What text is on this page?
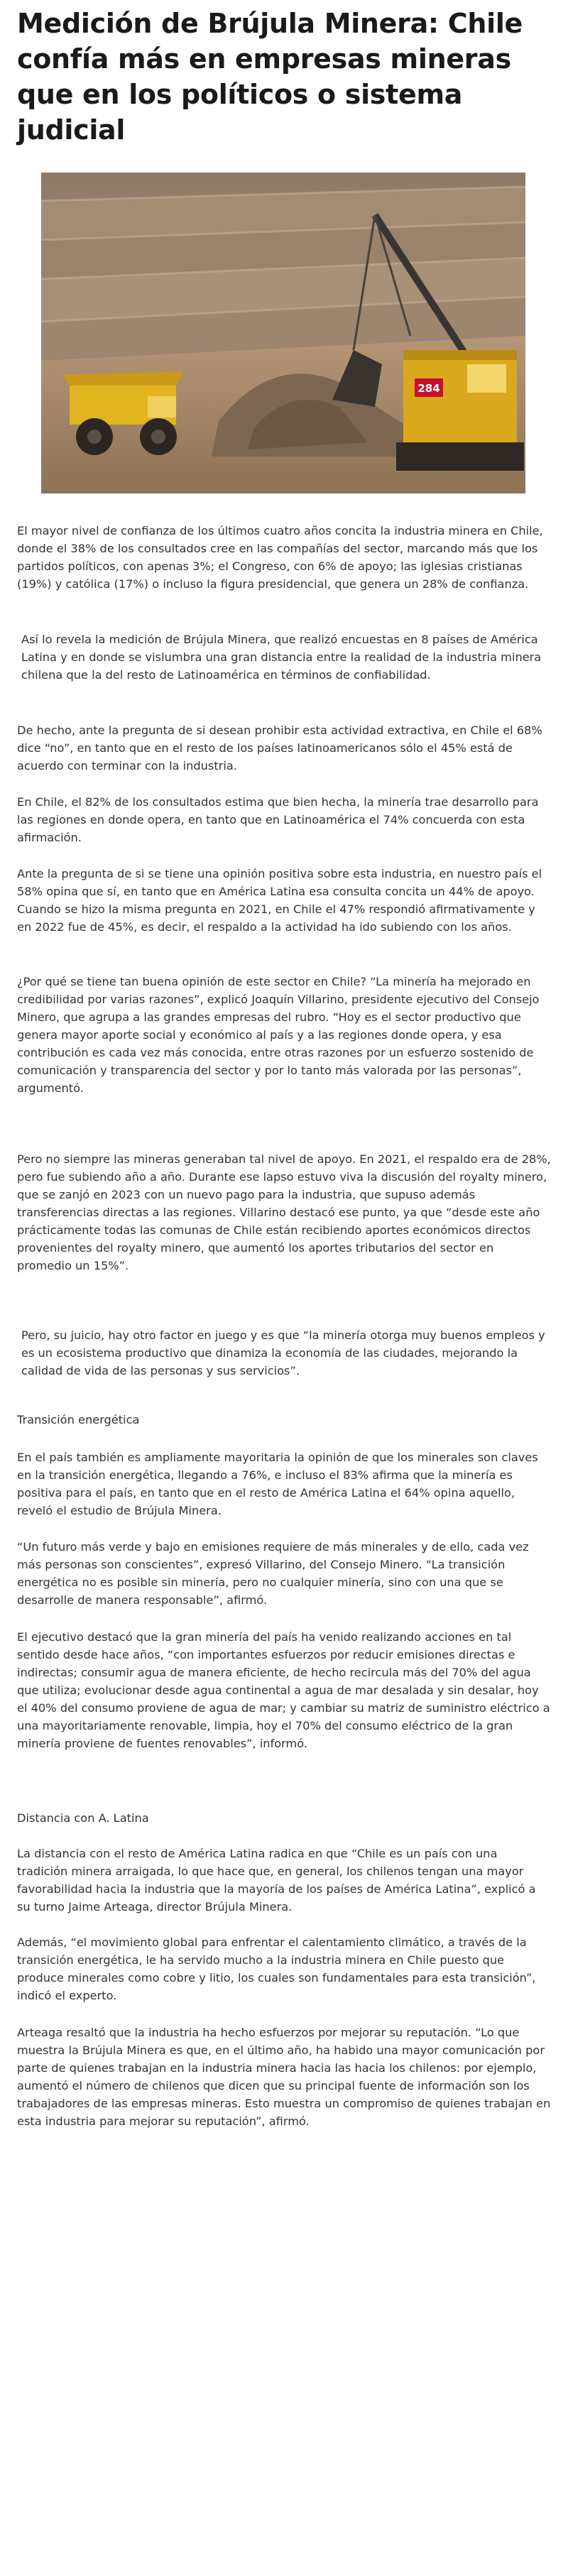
Medición de Brújula Minera: Chile confía más en empresas mineras que en los políticos o sistema judicial
284

El mayor nivel de confianza de los últimos cuatro años concita la industria minera en Chile, donde el 38% de los consultados cree en las compañías del sector, marcando más que los partidos políticos, con apenas 3%; el Congreso, con 6% de apoyo; las iglesias cristianas (19%) y católica (17%) o incluso la figura presidencial, que genera un 28% de confianza.

Así lo revela la medición de Brújula Minera, que realizó encuestas en 8 países de América Latina y en donde se vislumbra una gran distancia entre la realidad de la industria minera chilena que la del resto de Latinoamérica en términos de confiabilidad.

De hecho, ante la pregunta de si desean prohibir esta actividad extractiva, en Chile el 68% dice “no”, en tanto que en el resto de los países latinoamericanos sólo el 45% está de acuerdo con terminar con la industria.

En Chile, el 82% de los consultados estima que bien hecha, la minería trae desarrollo para las regiones en donde opera, en tanto que en Latinoamérica el 74% concuerda con esta afirmación.

Ante la pregunta de si se tiene una opinión positiva sobre esta industria, en nuestro país el 58% opina que sí, en tanto que en América Latina esa consulta concita un 44% de apoyo. Cuando se hizo la misma pregunta en 2021, en Chile el 47% respondió afirmativamente y en 2022 fue de 45%, es decir, el respaldo a la actividad ha ido subiendo con los años.

¿Por qué se tiene tan buena opinión de este sector en Chile? “La minería ha mejorado en credibilidad por varias razones”, explicó Joaquín Villarino, presidente ejecutivo del Consejo Minero, que agrupa a las grandes empresas del rubro. “Hoy es el sector productivo que genera mayor aporte social y económico al país y a las regiones donde opera, y esa contribución es cada vez más conocida, entre otras razones por un esfuerzo sostenido de comunicación y transparencia del sector y por lo tanto más valorada por las personas”, argumentó.

Pero no siempre las mineras generaban tal nivel de apoyo. En 2021, el respaldo era de 28%, pero fue subiendo año a año. Durante ese lapso estuvo viva la discusión del royalty minero, que se zanjó en 2023 con un nuevo pago para la industria, que supuso además transferencias directas a las regiones. Villarino destacó ese punto, ya que “desde este año prácticamente todas las comunas de Chile están recibiendo aportes económicos directos provenientes del royalty minero, que aumentó los aportes tributarios del sector en promedio un 15%”.

Pero, su juicio, hay otro factor en juego y es que “la minería otorga muy buenos empleos y es un ecosistema productivo que dinamiza la economía de las ciudades, mejorando la calidad de vida de las personas y sus servicios”.

Transición energética

En el país también es ampliamente mayoritaria la opinión de que los minerales son claves en la transición energética, llegando a 76%, e incluso el 83% afirma que la minería es positiva para el país, en tanto que en el resto de América Latina el 64% opina aquello, reveló el estudio de Brújula Minera.

“Un futuro más verde y bajo en emisiones requiere de más minerales y de ello, cada vez más personas son conscientes”, expresó Villarino, del Consejo Minero. “La transición energética no es posible sin minería, pero no cualquier minería, sino con una que se desarrolle de manera responsable”, afirmó.

El ejecutivo destacó que la gran minería del país ha venido realizando acciones en tal sentido desde hace años, “con importantes esfuerzos por reducir emisiones directas e indirectas; consumir agua de manera eficiente, de hecho recircula más del 70% del agua que utiliza; evolucionar desde agua continental a agua de mar desalada y sin desalar, hoy el 40% del consumo proviene de agua de mar; y cambiar su matriz de suministro eléctrico a una mayoritariamente renovable, limpia, hoy el 70% del consumo eléctrico de la gran minería proviene de fuentes renovables”, informó.

Distancia con A. Latina

La distancia con el resto de América Latina radica en que “Chile es un país con una tradición minera arraigada, lo que hace que, en general, los chilenos tengan una mayor favorabilidad hacia la industria que la mayoría de los países de América Latina”, explicó a su turno Jaime Arteaga, director Brújula Minera.

Además, “el movimiento global para enfrentar el calentamiento climático, a través de la transición energética, le ha servido mucho a la industria minera en Chile puesto que produce minerales como cobre y litio, los cuales son fundamentales para esta transición”, indicó el experto.

Arteaga resaltó que la industria ha hecho esfuerzos por mejorar su reputación. “Lo que muestra la Brújula Minera es que, en el último año, ha habido una mayor comunicación por parte de quienes trabajan en la industria minera hacia las hacia los chilenos: por ejemplo, aumentó el número de chilenos que dicen que su principal fuente de información son los trabajadores de las empresas mineras. Esto muestra un compromiso de quienes trabajan en esta industria para mejorar su reputación”, afirmó.
